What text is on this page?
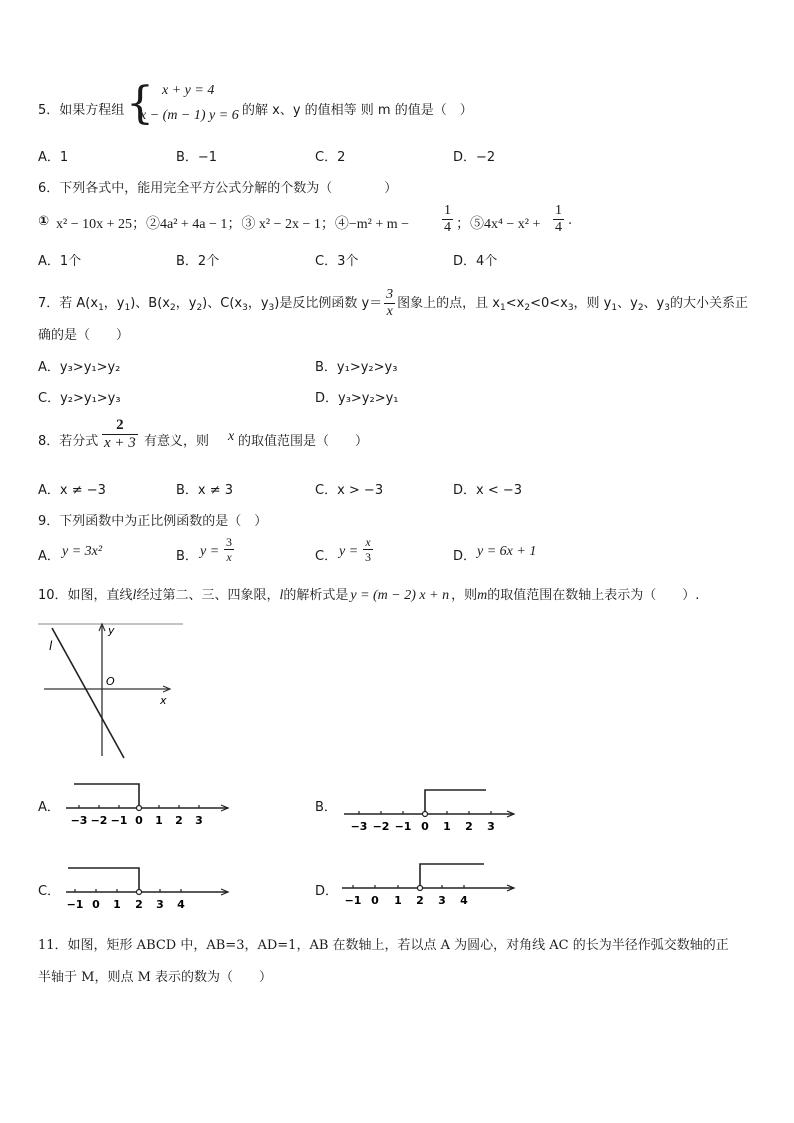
5．如果方程组 { x + y = 4
x − (m − 1) y = 6 的解 x、y 的值相等 则 m 的值是（　）
A．1	B．−1	C．2	D．−2
6．下列各式中，能用完全平方公式分解的个数为（　　　　）
① x² − 10x + 25；②4a² + 4a − 1；③ x² − 2x − 1；④−m² + $m - \frac{1}{4}$ ；⑤4x⁴ − $x^2 + \frac{1}{4}$ .
A．1个	B．2个	C．3个	D．4个
7．若 $A(x_1$，$y_1$)、$B(x_2$，$y_2$)、$C(x_3$，$y_3$)是反比例函数 $y= \frac{3}{x}$ 图象上的点，且 $x_1<x_2<0<x_3$，则 $y_1$、$y_2$、$y_3$的大小关系正
确的是（　　）
A．y₃>y₁>y₂	B．y₁>y₂>y₃
C．y₂>y₁>y₃	D．y₃>y₂>y₁
8．若分式 $\frac{2}{x + 3}$ 有意义，则 x 的取值范围是（　　）
A．x ≠ −3	B．x ≠ 3	C．x > −3	D．x < −3
9．下列函数中为正比例函数的是（　）
A． y = 3x²	B． $y = \frac{3}{x}$	C． $y = \frac{x}{3}$	D． y = 6x + 1
10．如图，直线l经过第二、三、四象限，l的解析式是 y = (m − 2) x + n ，则m的取值范围在数轴上表示为（　　）.
l
y
x
O
A．
−3 −2 −1 0 1 2 3
B．
−3 −2 −1 0 1 2 3
C．
−1 0 1 2 3 4
D．
−1 0 1 2 3 4
11．如图，矩形 ABCD 中，AB=3，AD=1，AB 在数轴上，若以点 A 为圆心，对角线 AC 的长为半径作弧交数轴的正
半轴于 M，则点 M 表示的数为（　　）
